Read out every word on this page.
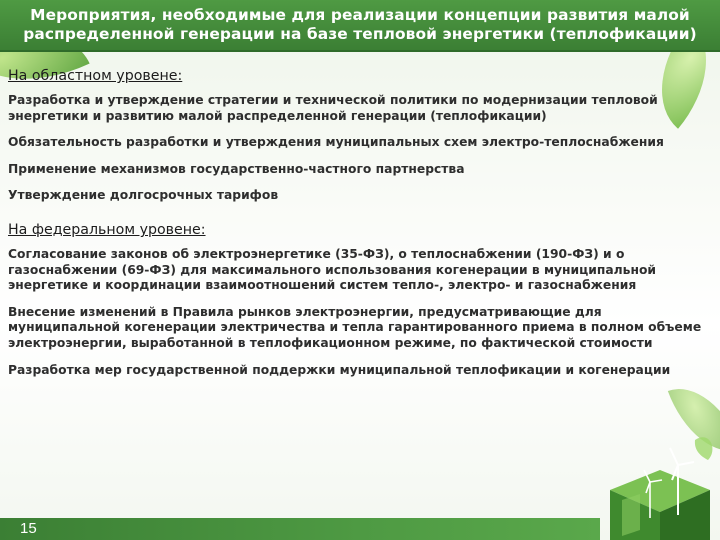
Мероприятия, необходимые для реализации концепции развития малой
распределенной генерации на базе тепловой энергетики (теплофикации)
На областном уровене:
Разработка и утверждение стратегии и технической политики по модернизации тепловой энергетики и развитию малой распределенной генерации (теплофикации)
Обязательность разработки и утверждения муниципальных схем электро-теплоснабжения
Применение механизмов государственно-частного партнерства
Утверждение долгосрочных тарифов
На федеральном уровене:
Согласование законов об электроэнергетике (35-ФЗ), о теплоснабжении (190-ФЗ) и о газоснабжении (69-ФЗ) для максимального использования когенерации в муниципальной энергетике и координации взаимоотношений систем тепло-, электро- и газоснабжения
Внесение изменений в Правила рынков электроэнергии, предусматривающие для муниципальной когенерации электричества и тепла гарантированного приема в полном объеме электроэнергии, выработанной в теплофикационном режиме, по фактической стоимости
Разработка мер государственной поддержки муниципальной теплофикации и когенерации
15
